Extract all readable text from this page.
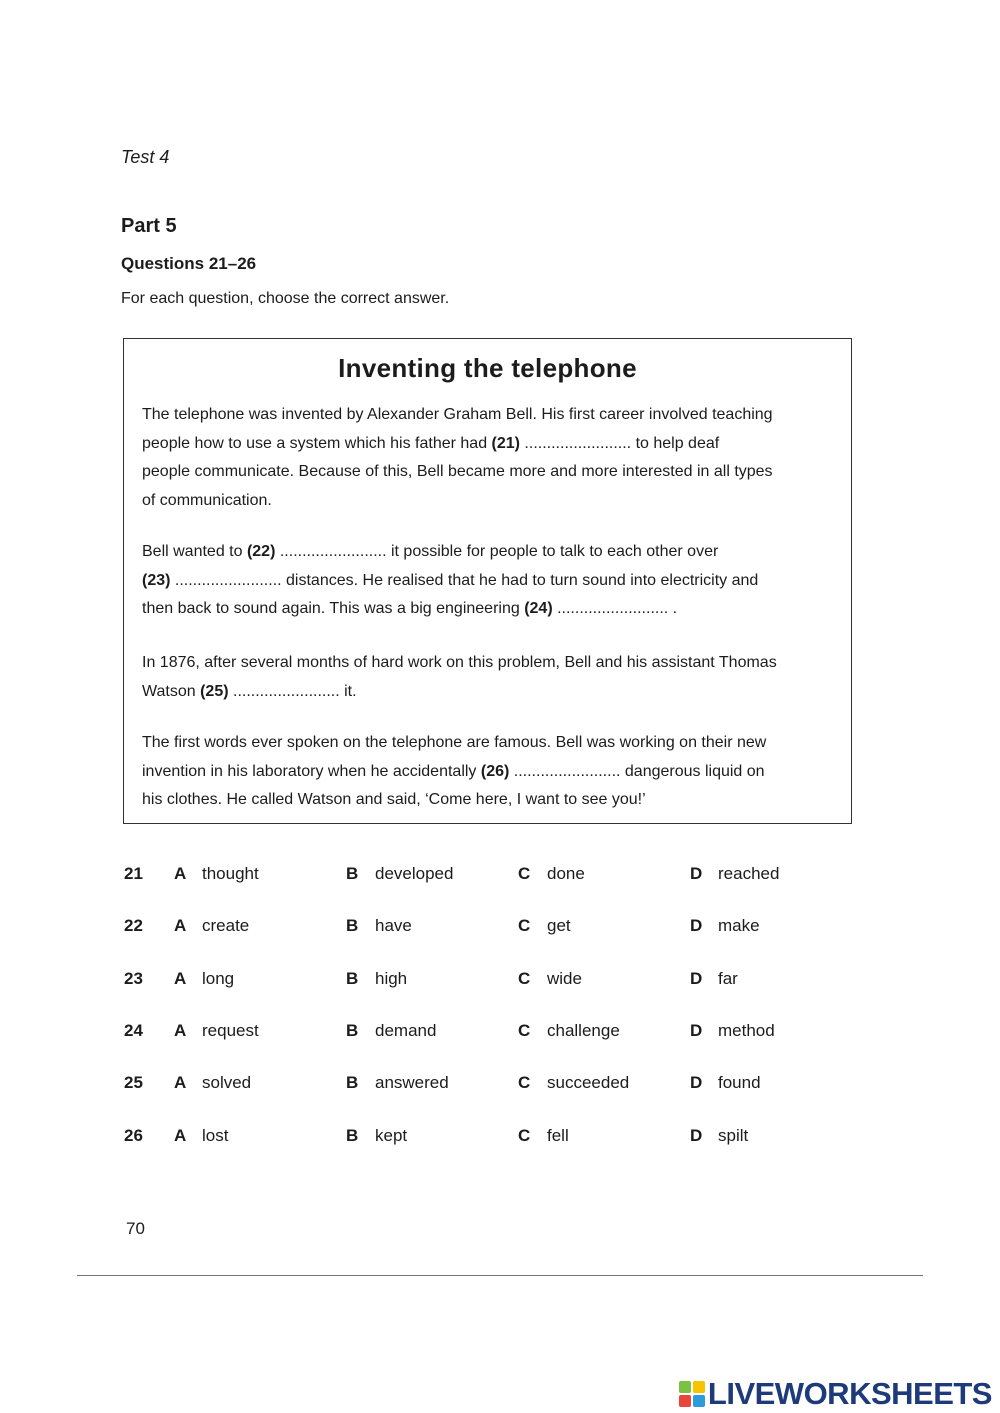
Test 4
Part 5
Questions 21–26
For each question, choose the correct answer.
Inventing the telephone
The telephone was invented by Alexander Graham Bell. His first career involved teaching
people how to use a system which his father had (21) ........................ to help deaf
people communicate. Because of this, Bell became more and more interested in all types
of communication.
Bell wanted to (22) ........................ it possible for people to talk to each other over
(23) ........................ distances. He realised that he had to turn sound into electricity and
then back to sound again. This was a big engineering (24) ......................... .
In 1876, after several months of hard work on this problem, Bell and his assistant Thomas
Watson (25) ........................ it.
The first words ever spoken on the telephone are famous. Bell was working on their new
invention in his laboratory when he accidentally (26) ........................ dangerous liquid on
his clothes. He called Watson and said, ‘Come here, I want to see you!’
21 A thought	B developed	C done	D reached
22 A create	B have	C get	D make
23 A long	B high	C wide	D far
24 A request	B demand	C challenge	D method
25 A solved	B answered	C succeeded	D found
26 A lost	B kept	C fell	D spilt
70
LIVEWORKSHEETS
